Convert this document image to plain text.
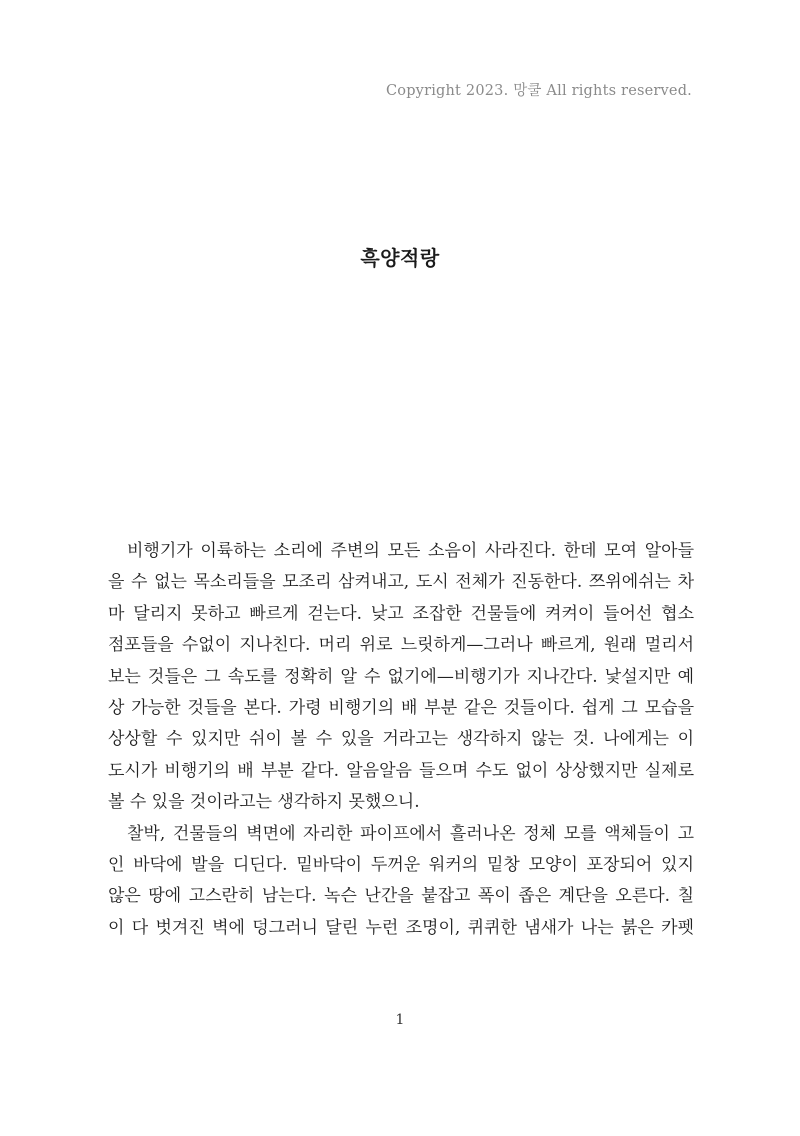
Copyright 2023. 망쿨 All rights reserved.
흑양적랑
비행기가 이륙하는 소리에 주변의 모든 소음이 사라진다. 한데 모여 알아들
을 수 없는 목소리들을 모조리 삼켜내고, 도시 전체가 진동한다. 쯔위에쉬는 차
마 달리지 못하고 빠르게 걷는다. 낮고 조잡한 건물들에 켜켜이 들어선 협소
점포들을 수없이 지나친다. 머리 위로 느릿하게—그러나 빠르게, 원래 멀리서
보는 것들은 그 속도를 정확히 알 수 없기에—비행기가 지나간다. 낯설지만 예
상 가능한 것들을 본다. 가령 비행기의 배 부분 같은 것들이다. 쉽게 그 모습을
상상할 수 있지만 쉬이 볼 수 있을 거라고는 생각하지 않는 것. 나에게는 이
도시가 비행기의 배 부분 같다. 알음알음 들으며 수도 없이 상상했지만 실제로
볼 수 있을 것이라고는 생각하지 못했으니.
찰박, 건물들의 벽면에 자리한 파이프에서 흘러나온 정체 모를 액체들이 고
인 바닥에 발을 디딘다. 밑바닥이 두꺼운 워커의 밑창 모양이 포장되어 있지
않은 땅에 고스란히 남는다. 녹슨 난간을 붙잡고 폭이 좁은 계단을 오른다. 칠
이 다 벗겨진 벽에 덩그러니 달린 누런 조명이, 퀴퀴한 냄새가 나는 붉은 카펫
1
